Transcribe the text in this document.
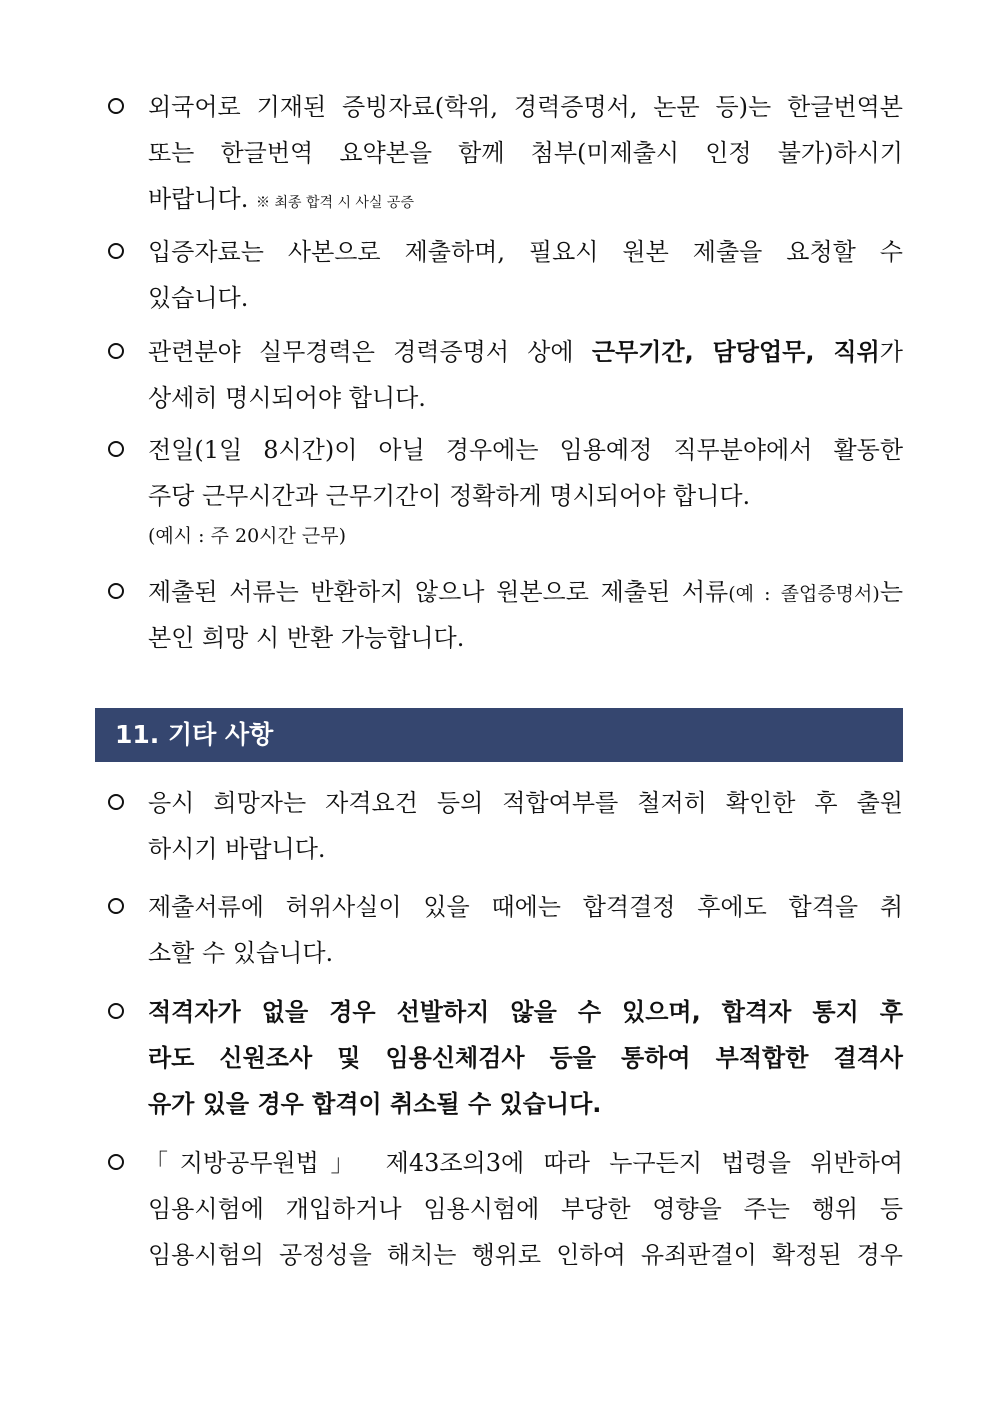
외국어로 기재된 증빙자료(학위, 경력증명서, 논문 등)는 한글번역본
또는 한글번역 요약본을 함께 첨부(미제출시 인정 불가)하시기
바랍니다. ※ 최종 합격 시 사실 공증
입증자료는 사본으로 제출하며, 필요시 원본 제출을 요청할 수
있습니다.
관련분야 실무경력은 경력증명서 상에 근무기간, 담당업무, 직위가
상세히 명시되어야 합니다.
전일(1일 8시간)이 아닐 경우에는 임용예정 직무분야에서 활동한
주당 근무시간과 근무기간이 정확하게 명시되어야 합니다.
(예시 : 주 20시간 근무)
제출된 서류는 반환하지 않으나 원본으로 제출된 서류(예 : 졸업증명서)는
본인 희망 시 반환 가능합니다.
11. 기타 사항
응시 희망자는 자격요건 등의 적합여부를 철저히 확인한 후 출원
하시기 바랍니다.
제출서류에 허위사실이 있을 때에는 합격결정 후에도 합격을 취
소할 수 있습니다.
적격자가 없을 경우 선발하지 않을 수 있으며, 합격자 통지 후
라도 신원조사 및 임용신체검사 등을 통하여 부적합한 결격사
유가 있을 경우 합격이 취소될 수 있습니다.
「지방공무원법」 제43조의3에 따라 누구든지 법령을 위반하여
임용시험에 개입하거나 임용시험에 부당한 영향을 주는 행위 등
임용시험의 공정성을 해치는 행위로 인하여 유죄판결이 확정된 경우
